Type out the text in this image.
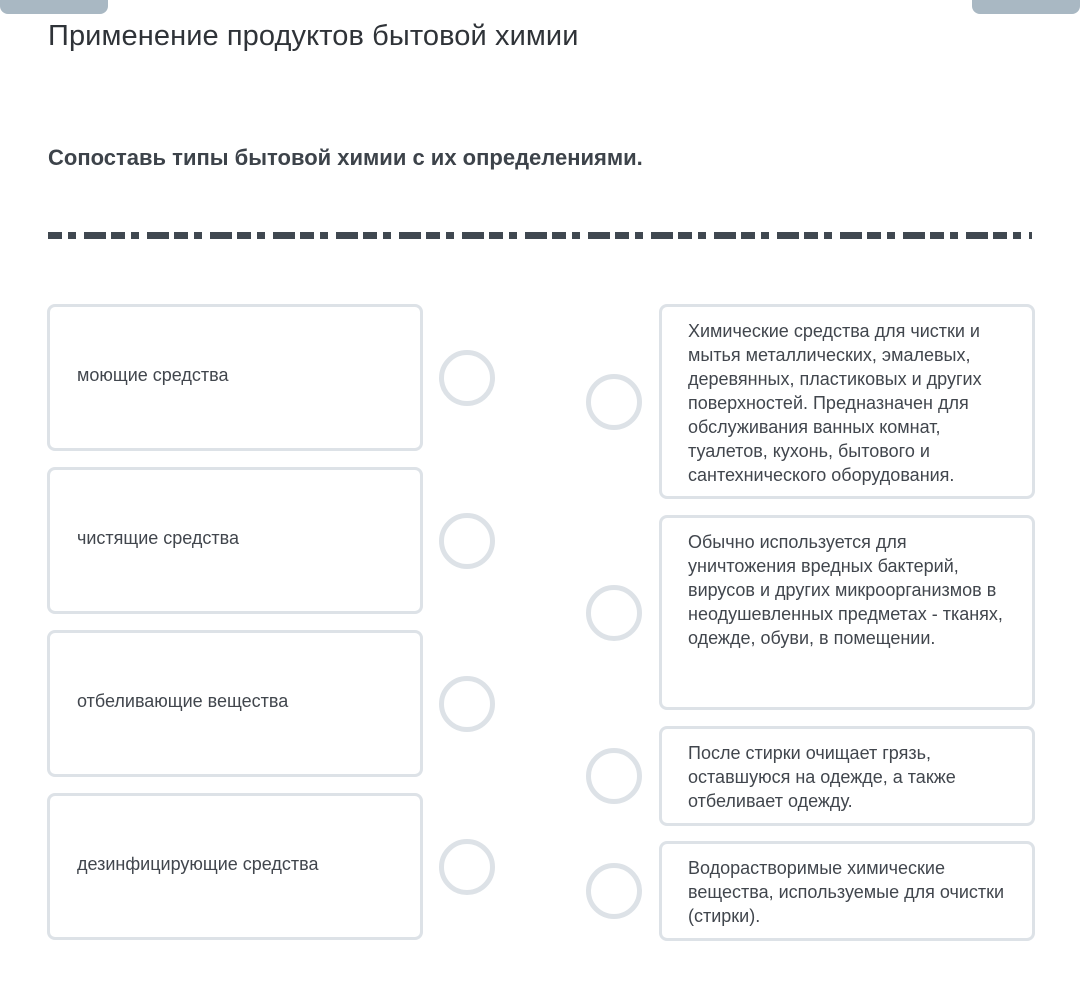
Применение продуктов бытовой химии
Сопоставь типы бытовой химии с их определениями.
моющие средства
чистящие средства
отбеливающие вещества
дезинфицирующие средства
Химические средства для чистки и мытья металлических, эмалевых, деревянных, пластиковых и других поверхностей. Предназначен для обслуживания ванных комнат, туалетов, кухонь, бытового и сантехнического оборудования.
Обычно используется для уничтожения вредных бактерий, вирусов и других микроорганизмов в неодушевленных предметах - тканях, одежде, обуви, в помещении.
После стирки очищает грязь, оставшуюся на одежде, а также отбеливает одежду.
Водорастворимые химические вещества, используемые для очистки (стирки).
